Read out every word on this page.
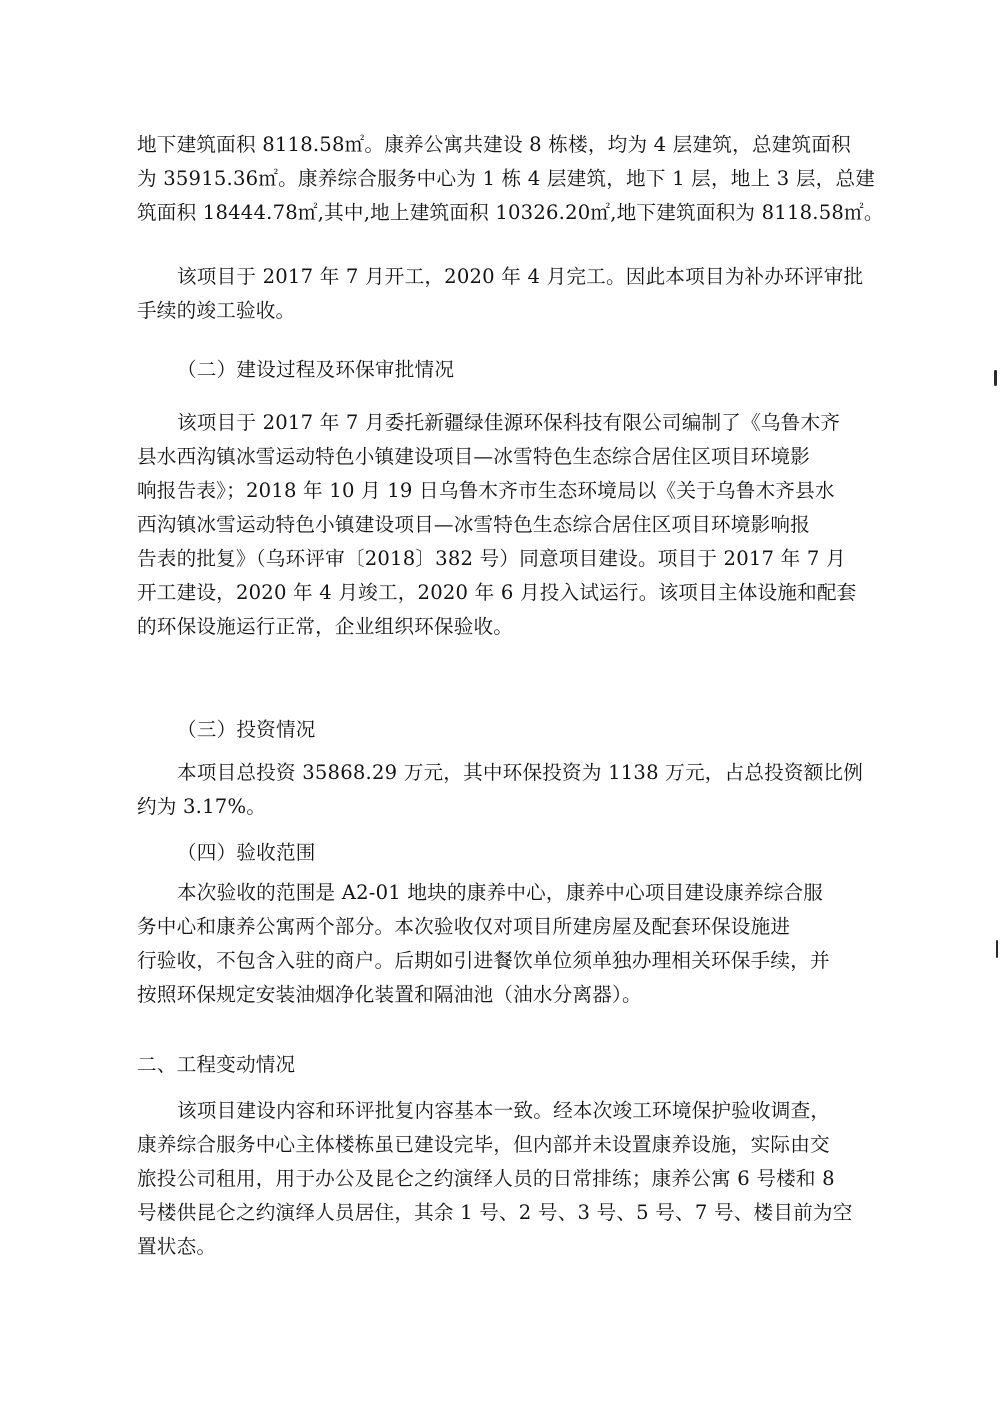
地下建筑面积 8118.58㎡。康养公寓共建设 8 栋楼，均为 4 层建筑，总建筑面积
为 35915.36㎡。康养综合服务中心为 1 栋 4 层建筑，地下 1 层，地上 3 层，总建
筑面积 18444.78㎡,其中,地上建筑面积 10326.20㎡,地下建筑面积为 8118.58㎡。
该项目于 2017 年 7 月开工，2020 年 4 月完工。因此本项目为补办环评审批
手续的竣工验收。
（二）建设过程及环保审批情况
该项目于 2017 年 7 月委托新疆绿佳源环保科技有限公司编制了《乌鲁木齐
县水西沟镇冰雪运动特色小镇建设项目—冰雪特色生态综合居住区项目环境影
响报告表》；2018 年 10 月 19 日乌鲁木齐市生态环境局以《关于乌鲁木齐县水
西沟镇冰雪运动特色小镇建设项目—冰雪特色生态综合居住区项目环境影响报
告表的批复》（乌环评审〔2018〕382 号）同意项目建设。项目于 2017 年 7 月
开工建设，2020 年 4 月竣工，2020 年 6 月投入试运行。该项目主体设施和配套
的环保设施运行正常，企业组织环保验收。
（三）投资情况
本项目总投资 35868.29 万元，其中环保投资为 1138 万元，占总投资额比例
约为 3.17%。
（四）验收范围
本次验收的范围是 A2-01 地块的康养中心，康养中心项目建设康养综合服
务中心和康养公寓两个部分。本次验收仅对项目所建房屋及配套环保设施进
行验收，不包含入驻的商户。后期如引进餐饮单位须单独办理相关环保手续，并
按照环保规定安装油烟净化装置和隔油池（油水分离器）。
二、工程变动情况
该项目建设内容和环评批复内容基本一致。经本次竣工环境保护验收调查，
康养综合服务中心主体楼栋虽已建设完毕，但内部并未设置康养设施，实际由交
旅投公司租用，用于办公及昆仑之约演绎人员的日常排练；康养公寓 6 号楼和 8
号楼供昆仑之约演绎人员居住，其余 1 号、2 号、3 号、5 号、7 号、楼目前为空
置状态。
